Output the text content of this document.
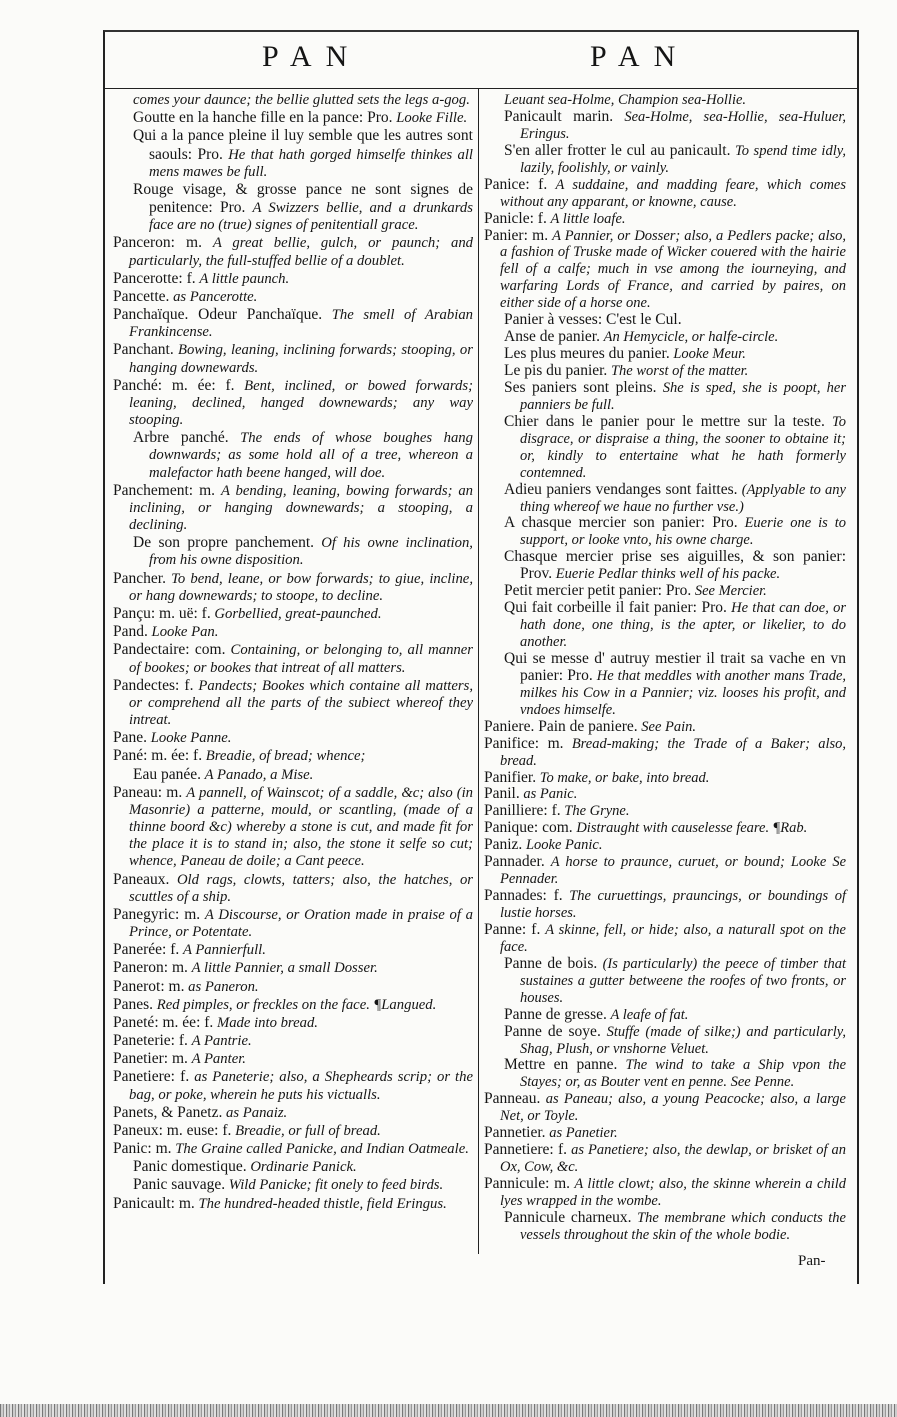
PAN	PAN

comes your daunce; the bellie glutted sets the legs a-gog.

Goutte en la hanche fille en la pance: Pro. Looke Fille.

Qui a la pance pleine il luy semble que les autres sont saouls: Pro. He that hath gorged himselfe thinkes all mens mawes be full.

Rouge visage, & grosse pance ne sont signes de penitence: Pro. A Swizzers bellie, and a drunkards face are no (true) signes of penitentiall grace.

Panceron: m. A great bellie, gulch, or paunch; and particularly, the full-stuffed bellie of a doublet.

Pancerotte: f. A little paunch.

Pancette. as Pancerotte.

Panchaïque. Odeur Panchaïque. The smell of Arabian Frankincense.

Panchant. Bowing, leaning, inclining forwards; stooping, or hanging downewards.

Panché: m. ée: f. Bent, inclined, or bowed forwards; leaning, declined, hanged downewards; any way stooping.

Arbre panché. The ends of whose boughes hang downwards; as some hold all of a tree, whereon a malefactor hath beene hanged, will doe.

Panchement: m. A bending, leaning, bowing forwards; an inclining, or hanging downewards; a stooping, a declining.

De son propre panchement. Of his owne inclination, from his owne disposition.

Pancher. To bend, leane, or bow forwards; to giue, incline, or hang downewards; to stoope, to decline.

Pançu: m. uë: f. Gorbellied, great-paunched.

Pand. Looke Pan.

Pandectaire: com. Containing, or belonging to, all manner of bookes; or bookes that intreat of all matters.

Pandectes: f. Pandects; Bookes which containe all matters, or comprehend all the parts of the subiect whereof they intreat.

Pane. Looke Panne.

Pané: m. ée: f. Breadie, of bread; whence;

Eau panée. A Panado, a Mise.

Paneau: m. A pannell, of Wainscot; of a saddle, &c; also (in Masonrie) a patterne, mould, or scantling, (made of a thinne boord &c) whereby a stone is cut, and made fit for the place it is to stand in; also, the stone it selfe so cut; whence, Paneau de doile; a Cant peece.

Paneaux. Old rags, clowts, tatters; also, the hatches, or scuttles of a ship.

Panegyric: m. A Discourse, or Oration made in praise of a Prince, or Potentate.

Panerée: f. A Pannierfull.

Paneron: m. A little Pannier, a small Dosser.

Panerot: m. as Paneron.

Panes. Red pimples, or freckles on the face. ¶Langued.

Paneté: m. ée: f. Made into bread.

Paneterie: f. A Pantrie.

Panetier: m. A Panter.

Panetiere: f. as Paneterie; also, a Shepheards scrip; or the bag, or poke, wherein he puts his victualls.

Panets, & Panetz. as Panaiz.

Paneux: m. euse: f. Breadie, or full of bread.

Panic: m. The Graine called Panicke, and Indian Oatmeale.

Panic domestique. Ordinarie Panick.

Panic sauvage. Wild Panicke; fit onely to feed birds.

Panicault: m. The hundred-headed thistle, field Eringus.

Leuant sea-Holme, Champion sea-Hollie.

Panicault marin. Sea-Holme, sea-Hollie, sea-Huluer, Eringus.

S'en aller frotter le cul au panicault. To spend time idly, lazily, foolishly, or vainly.

Panice: f. A suddaine, and madding feare, which comes without any apparant, or knowne, cause.

Panicle: f. A little loafe.

Panier: m. A Pannier, or Dosser; also, a Pedlers packe; also, a fashion of Truske made of Wicker couered with the hairie fell of a calfe; much in vse among the iourneying, and warfaring Lords of France, and carried by paires, on either side of a horse one.

Panier à vesses: C'est le Cul.

Anse de panier. An Hemycicle, or halfe-circle.

Les plus meures du panier. Looke Meur.

Le pis du panier. The worst of the matter.

Ses paniers sont pleins. She is sped, she is poopt, her panniers be full.

Chier dans le panier pour le mettre sur la teste. To disgrace, or dispraise a thing, the sooner to obtaine it; or, kindly to entertaine what he hath formerly contemned.

Adieu paniers vendanges sont faittes. (Applyable to any thing whereof we haue no further vse.)

A chasque mercier son panier: Pro. Euerie one is to support, or looke vnto, his owne charge.

Chasque mercier prise ses aiguilles, & son panier: Prov. Euerie Pedlar thinks well of his packe.

Petit mercier petit panier: Pro. See Mercier.

Qui fait corbeille il fait panier: Pro. He that can doe, or hath done, one thing, is the apter, or likelier, to do another.

Qui se messe d' autruy mestier il trait sa vache en vn panier: Pro. He that meddles with another mans Trade, milkes his Cow in a Pannier; viz. looses his profit, and vndoes himselfe.

Paniere. Pain de paniere. See Pain.

Panifice: m. Bread-making; the Trade of a Baker; also, bread.

Panifier. To make, or bake, into bread.

Panil. as Panic.

Panilliere: f. The Gryne.

Panique: com. Distraught with causelesse feare. ¶Rab.

Paniz. Looke Panic.

Pannader. A horse to praunce, curuet, or bound; Looke Se Pennader.

Pannades: f. The curuettings, prauncings, or boundings of lustie horses.

Panne: f. A skinne, fell, or hide; also, a naturall spot on the face.

Panne de bois. (Is particularly) the peece of timber that sustaines a gutter betweene the roofes of two fronts, or houses.

Panne de gresse. A leafe of fat.

Panne de soye. Stuffe (made of silke;) and particularly, Shag, Plush, or vnshorne Veluet.

Mettre en panne. The wind to take a Ship vpon the Stayes; or, as Bouter vent en penne. See Penne.

Panneau. as Paneau; also, a young Peacocke; also, a large Net, or Toyle.

Pannetier. as Panetier.

Pannetiere: f. as Panetiere; also, the dewlap, or brisket of an Ox, Cow, &c.

Pannicule: m. A little clowt; also, the skinne wherein a child lyes wrapped in the wombe.

Pannicule charneux. The membrane which conducts the vessels throughout the skin of the whole bodie.

Pan-
